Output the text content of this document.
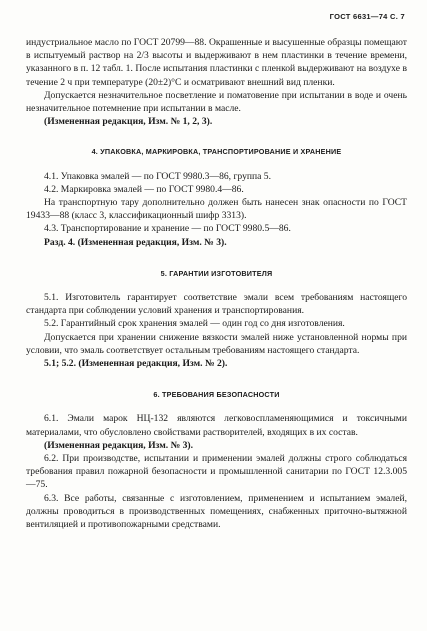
ГОСТ 6631—74 С. 7

индустриальное масло по ГОСТ 20799—88. Окрашенные и высушенные образцы помещают в испытуемый раствор на 2/3 высоты и выдерживают в нем пластинки в течение времени, указанного в п. 12 табл. 1. После испытания пластинки с пленкой выдерживают на воздухе в течение 2 ч при температуре (20±2)°С и осматривают внешний вид пленки.

Допускается незначительное посветление и поматовение при испытании в воде и очень незначительное потемнение при испытании в масле.

(Измененная редакция, Изм. № 1, 2, 3).

4. УПАКОВКА, МАРКИРОВКА, ТРАНСПОРТИРОВАНИЕ И ХРАНЕНИЕ

4.1. Упаковка эмалей — по ГОСТ 9980.3—86, группа 5.

4.2. Маркировка эмалей — по ГОСТ 9980.4—86.

На транспортную тару дополнительно должен быть нанесен знак опасности по ГОСТ 19433—88 (класс 3, классификационный шифр 3313).

4.3. Транспортирование и хранение — по ГОСТ 9980.5—86.

Разд. 4. (Измененная редакция, Изм. № 3).

5. ГАРАНТИИ ИЗГОТОВИТЕЛЯ

5.1. Изготовитель гарантирует соответствие эмали всем требованиям настоящего стандарта при соблюдении условий хранения и транспортирования.

5.2. Гарантийный срок хранения эмалей — один год со дня изготовления.

Допускается при хранении снижение вязкости эмалей ниже установленной нормы при условии, что эмаль соответствует остальным требованиям настоящего стандарта.

5.1; 5.2. (Измененная редакция, Изм. № 2).

6. ТРЕБОВАНИЯ БЕЗОПАСНОСТИ

6.1. Эмали марок НЦ-132 являются легковоспламеняющимися и токсичными материалами, что обусловлено свойствами растворителей, входящих в их состав.

(Измененная редакция, Изм. № 3).

6.2. При производстве, испытании и применении эмалей должны строго соблюдаться требования правил пожарной безопасности и промышленной санитарии по ГОСТ 12.3.005—75.

6.3. Все работы, связанные с изготовлением, применением и испытанием эмалей, должны проводиться в производственных помещениях, снабженных приточно-вытяжной вентиляцией и противопожарными средствами.
